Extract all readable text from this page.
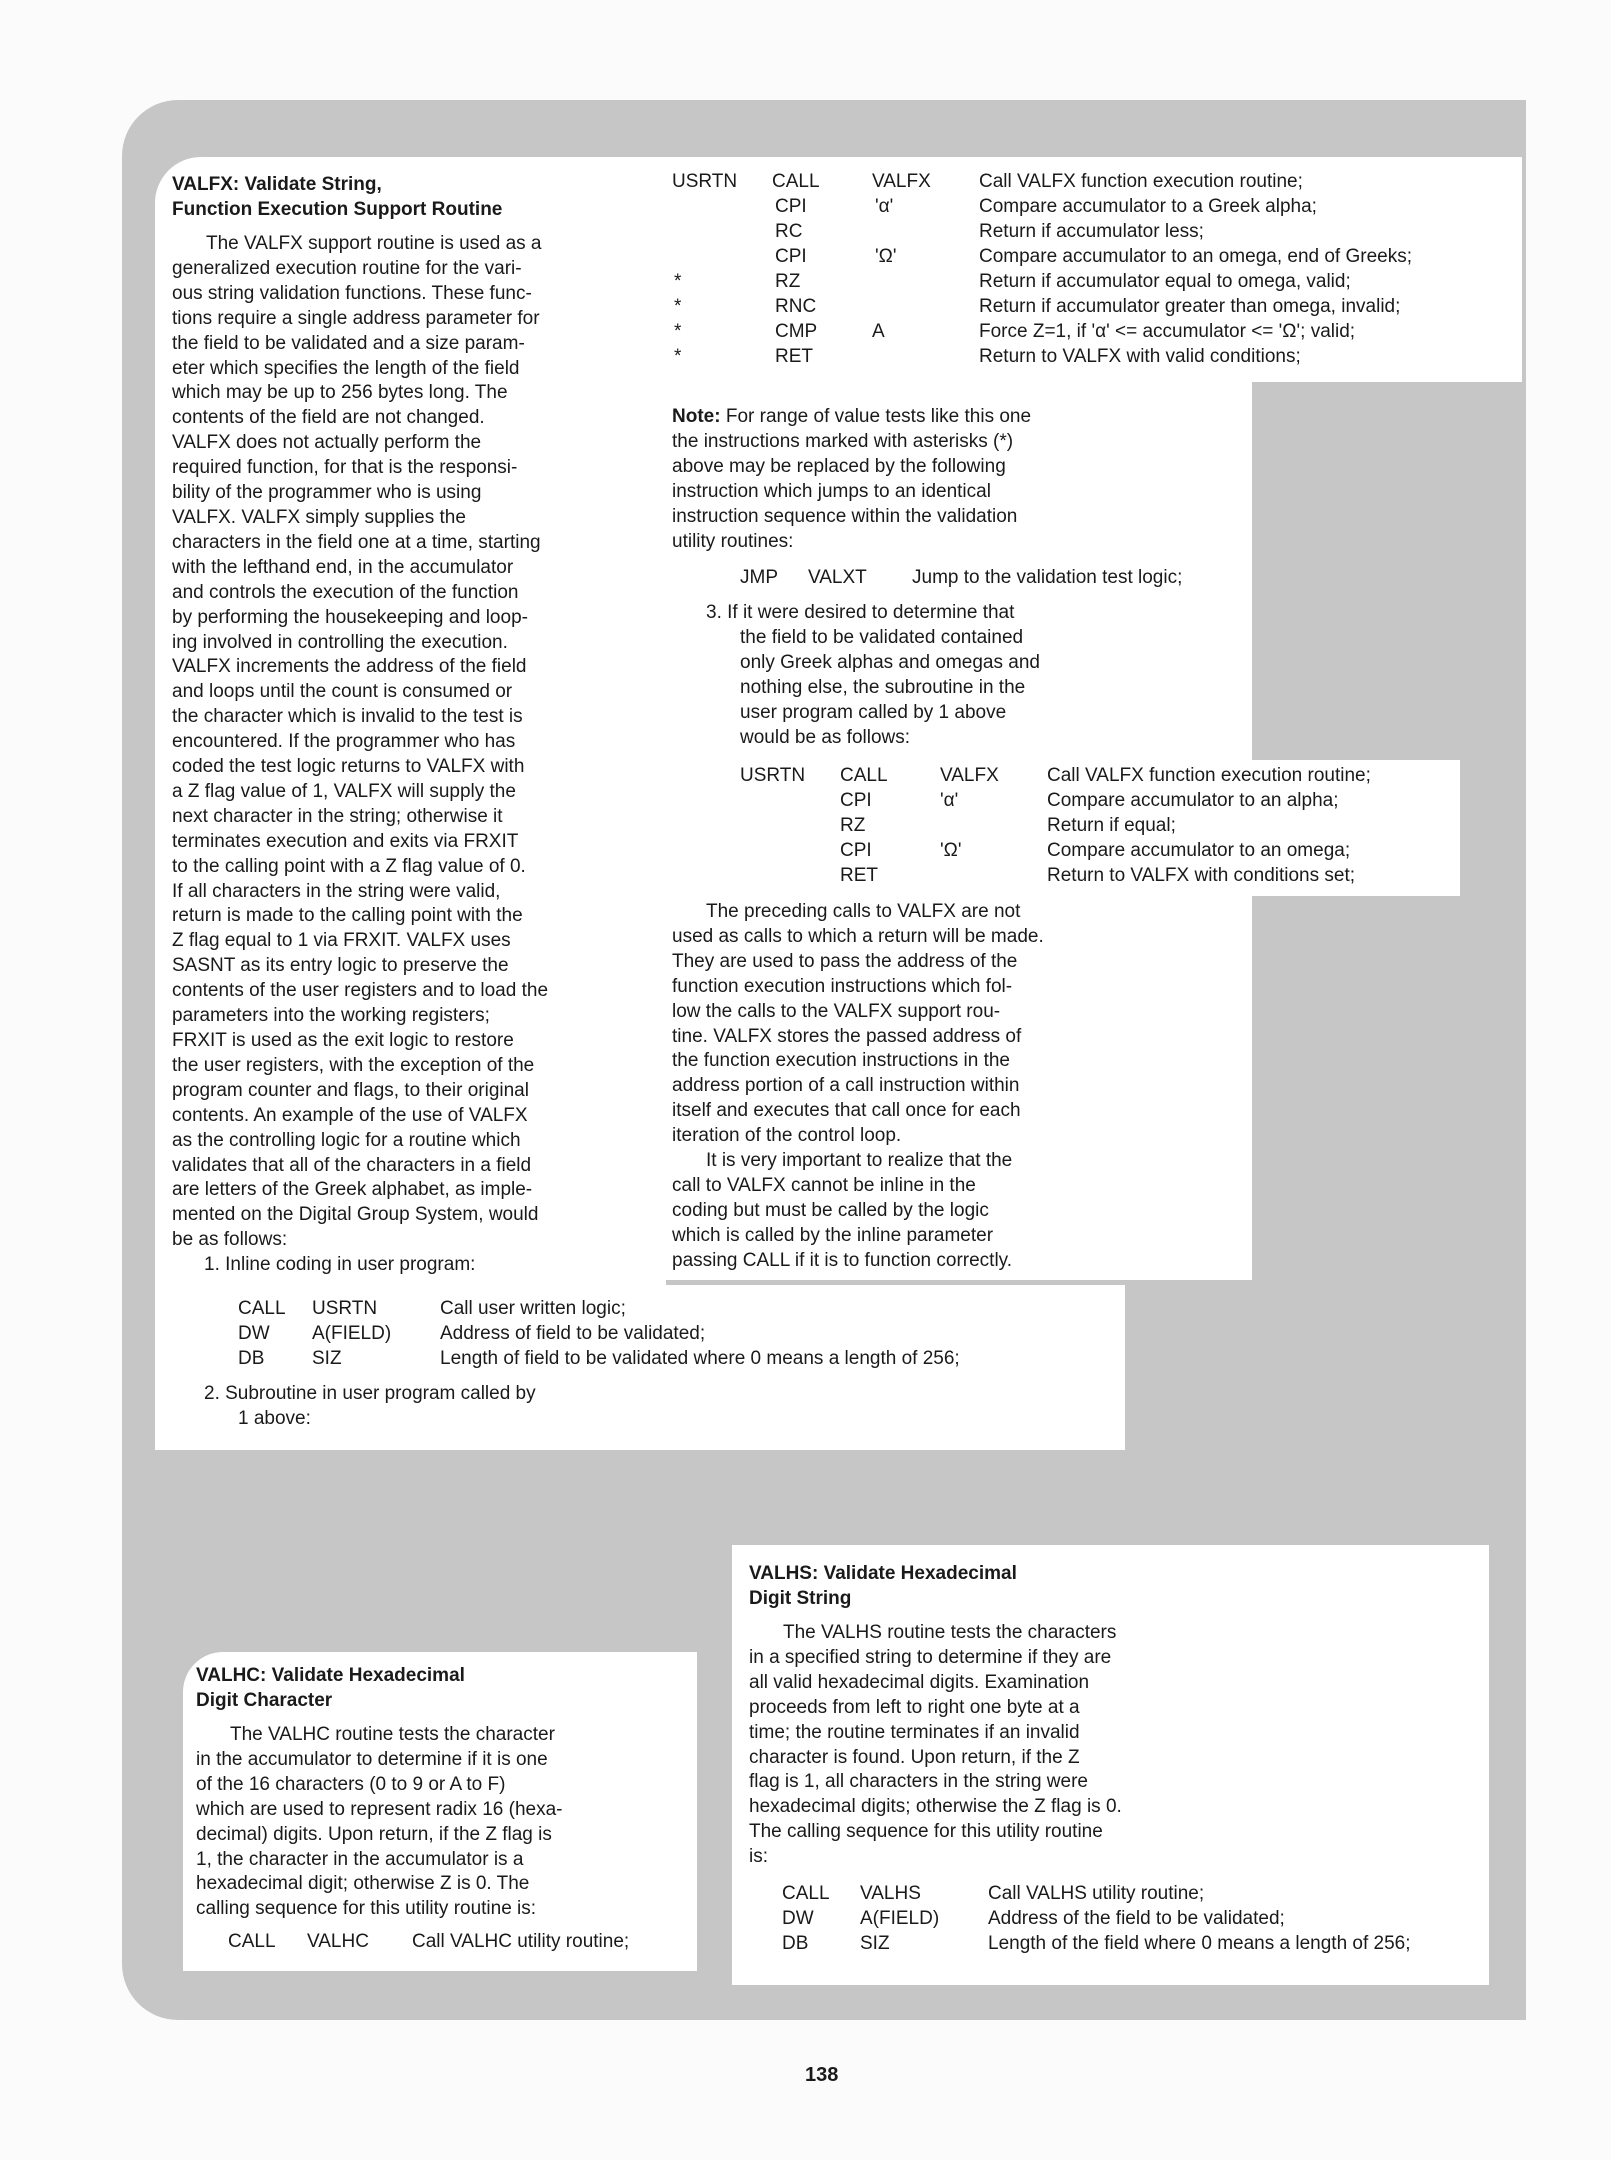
VALFX: Validate String,

Function Execution Support Routine

The VALFX support routine is used as a
generalized execution routine for the vari-
ous string validation functions. These func-
tions require a single address parameter for
the field to be validated and a size param-
eter which specifies the length of the field
which may be up to 256 bytes long. The
contents of the field are not changed.
VALFX does not actually perform the
required function, for that is the responsi-
bility of the programmer who is using
VALFX. VALFX simply supplies the
characters in the field one at a time, starting
with the lefthand end, in the accumulator
and controls the execution of the function
by performing the housekeeping and loop-
ing involved in controlling the execution.
VALFX increments the address of the field
and loops until the count is consumed or
the character which is invalid to the test is
encountered. If the programmer who has
coded the test logic returns to VALFX with
a Z flag value of 1, VALFX will supply the
next character in the string; otherwise it
terminates execution and exits via FRXIT
to the calling point with a Z flag value of 0.
If all characters in the string were valid,
return is made to the calling point with the
Z flag equal to 1 via FRXIT. VALFX uses
SASNT as its entry logic to preserve the
contents of the user registers and to load the
parameters into the working registers;
FRXIT is used as the exit logic to restore
the user registers, with the exception of the
program counter and flags, to their original
contents. An example of the use of VALFX
as the controlling logic for a routine which
validates that all of the characters in a field
are letters of the Greek alphabet, as imple-
mented on the Digital Group System, would
be as follows:
1. Inline coding in user program:
CALL USRTN	Call user written logic;
DW A(FIELD)	Address of field to be validated;
DB	SIZ	Length of field to be validated where 0 means a length of 256;
2. Subroutine in user program called by
1 above:
USRTN CALL	VALFX	Call VALFX function execution routine;
CPI	'α'	Compare accumulator to a Greek alpha;
RC	Return if accumulator less;
CPI	'Ω'	Compare accumulator to an omega, end of Greeks;
*	RZ	Return if accumulator equal to omega, valid;
*	RNC	Return if accumulator greater than omega, invalid;
*	CMP	A	Force Z=1, if 'α' <= accumulator <= 'Ω'; valid;
*	RET	Return to VALFX with valid conditions;
Note: For range of value tests like this one
the instructions marked with asterisks (*)
above may be replaced by the following
instruction which jumps to an identical
instruction sequence within the validation
utility routines:
JMP VALXT Jump to the validation test logic;
3. If it were desired to determine that
the field to be validated contained
only Greek alphas and omegas and
nothing else, the subroutine in the
user program called by 1 above
would be as follows:
USRTN CALL	VALFX	Call VALFX function execution routine;
CPI	'α'	Compare accumulator to an alpha;
RZ	Return if equal;
CPI	'Ω'	Compare accumulator to an omega;
RET	Return to VALFX with conditions set;
The preceding calls to VALFX are not
used as calls to which a return will be made.
They are used to pass the address of the
function execution instructions which fol-
low the calls to the VALFX support rou-
tine. VALFX stores the passed address of
the function execution instructions in the
address portion of a call instruction within
itself and executes that call once for each
iteration of the control loop.
It is very important to realize that the
call to VALFX cannot be inline in the
coding but must be called by the logic
which is called by the inline parameter
passing CALL if it is to function correctly.

VALHC: Validate Hexadecimal

Digit Character

The VALHC routine tests the character
in the accumulator to determine if it is one
of the 16 characters (0 to 9 or A to F)
which are used to represent radix 16 (hexa-
decimal) digits. Upon return, if the Z flag is
1, the character in the accumulator is a
hexadecimal digit; otherwise Z is 0. The
calling sequence for this utility routine is:
CALL VALHC Call VALHC utility routine;

VALHS: Validate Hexadecimal

Digit String

The VALHS routine tests the characters
in a specified string to determine if they are
all valid hexadecimal digits. Examination
proceeds from left to right one byte at a
time; the routine terminates if an invalid
character is found. Upon return, if the Z
flag is 1, all characters in the string were
hexadecimal digits; otherwise the Z flag is 0.
The calling sequence for this utility routine
is:
CALL VALHS	Call VALHS utility routine;
DW A(FIELD)	Address of the field to be validated;
DB	SIZ	Length of the field where 0 means a length of 256;
138
